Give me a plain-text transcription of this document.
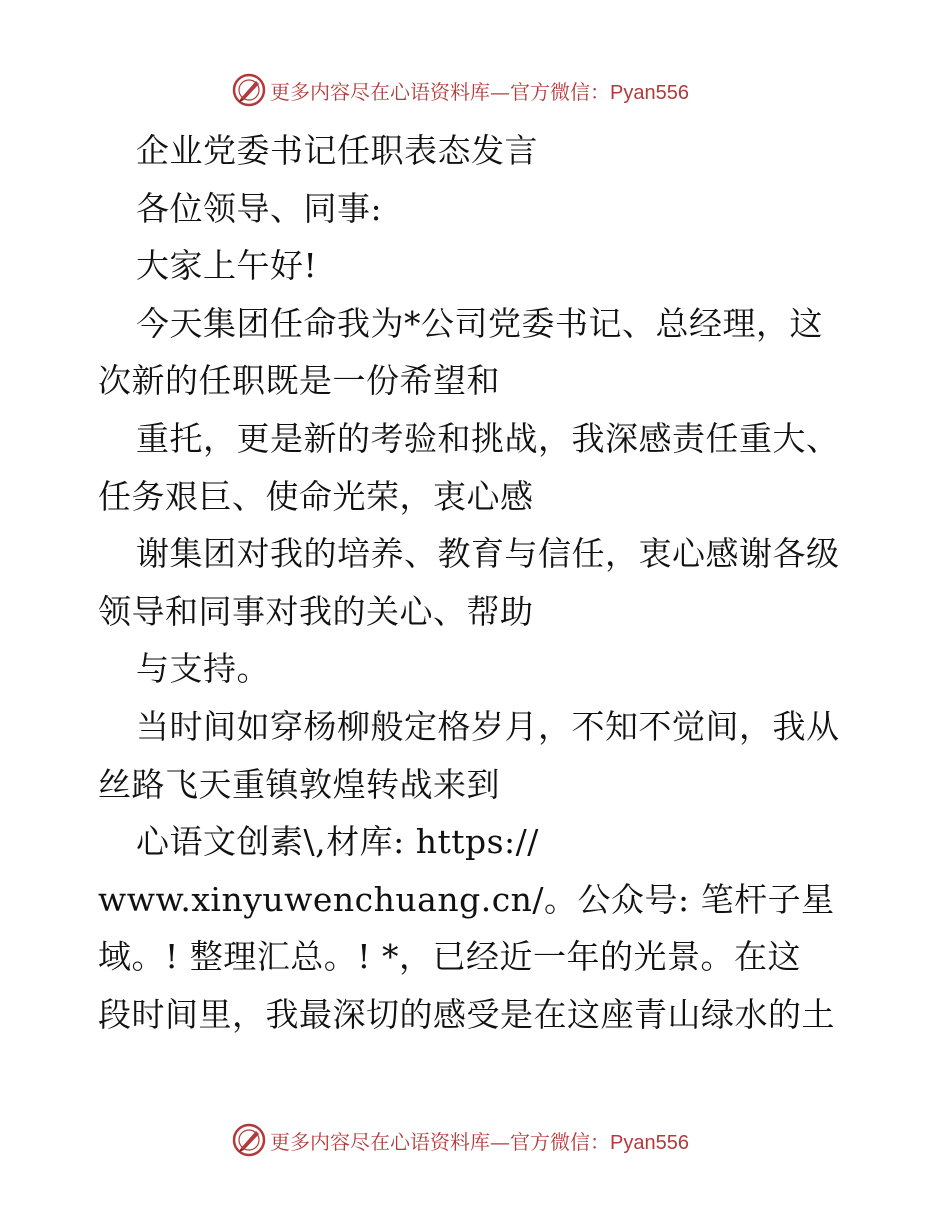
更多内容尽在心语资料库—官方微信：Pyan556
企业党委书记任职表态发言
各位领导、同事:
大家上午好!
今天集团任命我为*公司党委书记、总经理，这
次新的任职既是一份希望和
重托，更是新的考验和挑战，我深感责任重大、
任务艰巨、使命光荣，衷心感
谢集团对我的培养、教育与信任，衷心感谢各级
领导和同事对我的关心、帮助
与支持。
当时间如穿杨柳般定格岁月，不知不觉间，我从
丝路飞天重镇敦煌转战来到
心语文创素\,材库: https://
www.xinyuwenchuang.cn/。公众号: 笔杆子星
域。! 整理汇总。! *，已经近一年的光景。在这
段时间里，我最深切的感受是在这座青山绿水的土
更多内容尽在心语资料库—官方微信：Pyan556
